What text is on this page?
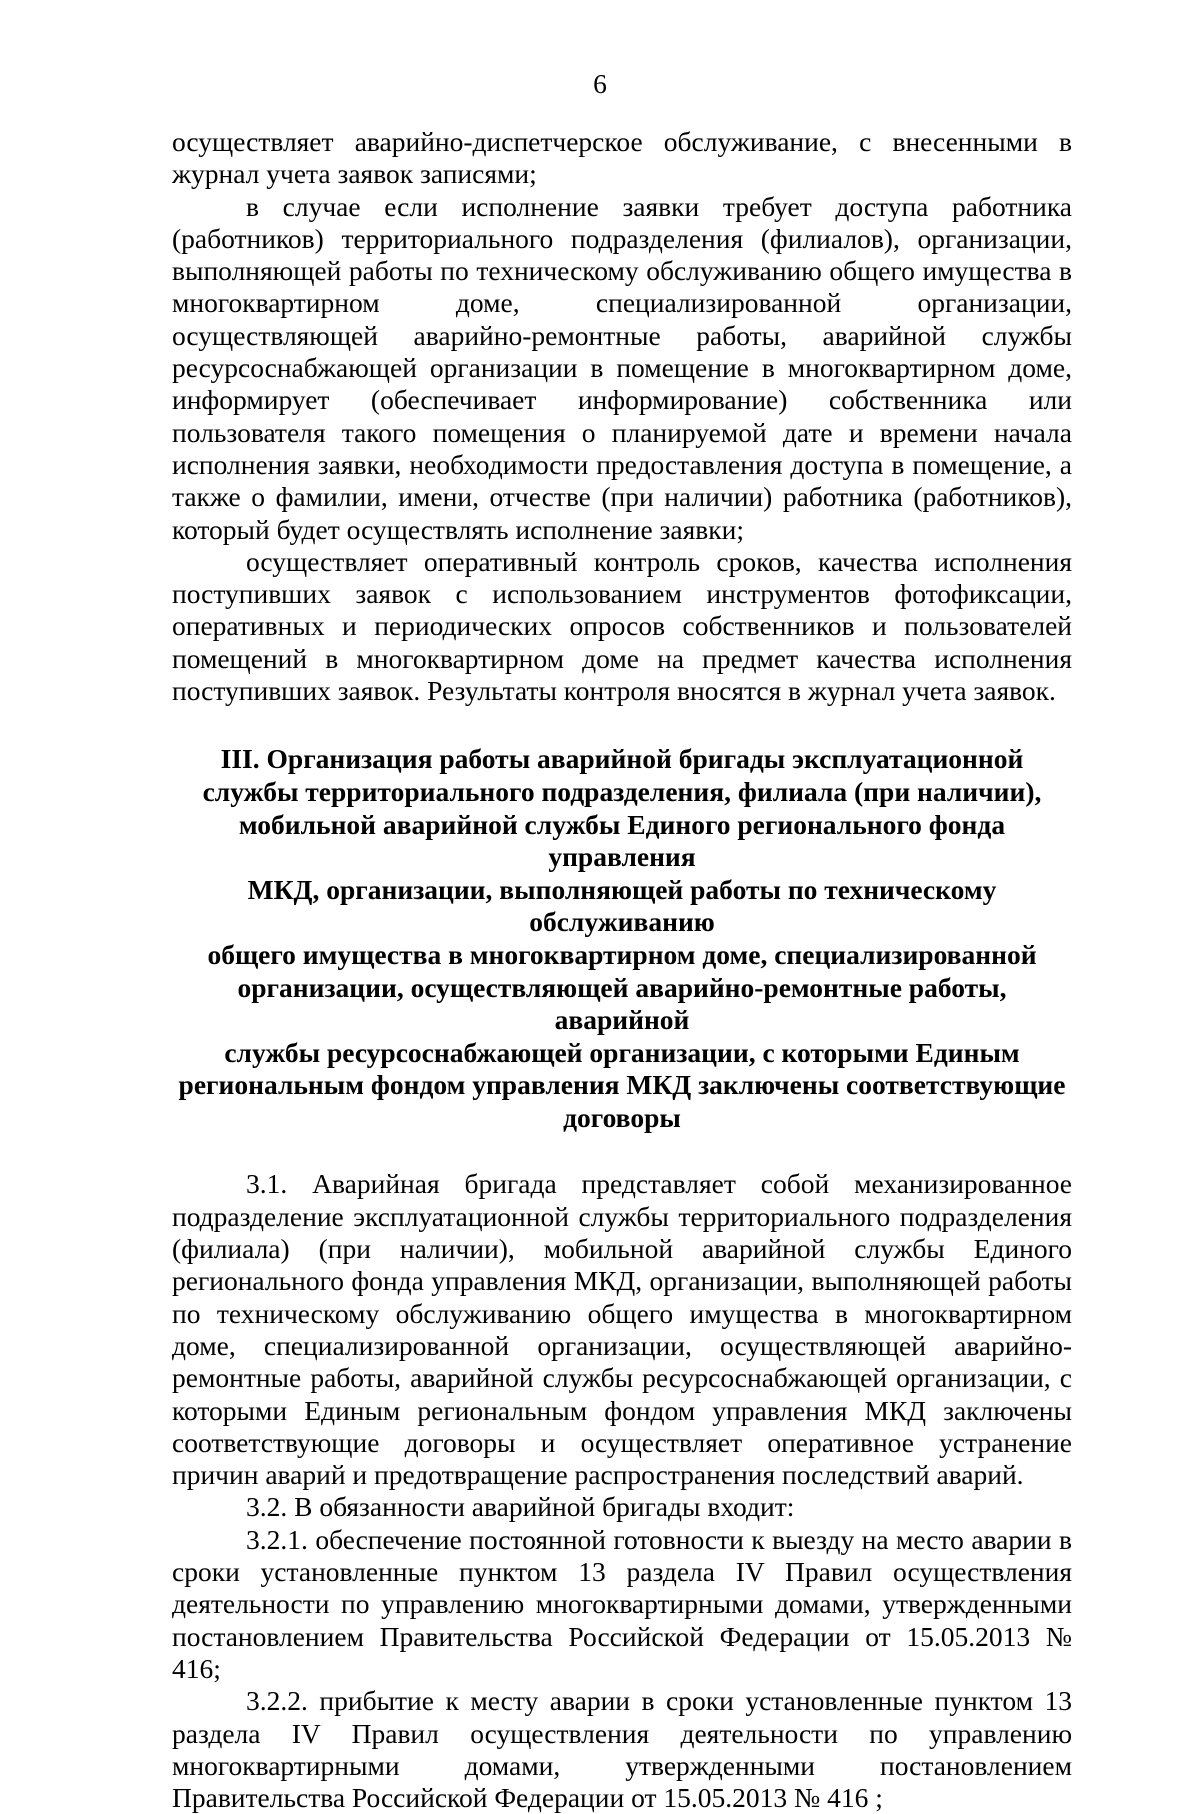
6

осуществляет аварийно-диспетчерское обслуживание, с внесенными в журнал учета заявок записями;

в случае если исполнение заявки требует доступа работника (работников) территориального подразделения (филиалов), организации, выполняющей работы по техническому обслуживанию общего имущества в многоквартирном доме, специализированной организации, осуществляющей аварийно-ремонтные работы, аварийной службы ресурсоснабжающей организации в помещение в многоквартирном доме, информирует (обеспечивает информирование) собственника или пользователя такого помещения о планируемой дате и времени начала исполнения заявки, необходимости предоставления доступа в помещение, а также о фамилии, имени, отчестве (при наличии) работника (работников), который будет осуществлять исполнение заявки;

осуществляет оперативный контроль сроков, качества исполнения поступивших заявок с использованием инструментов фотофиксации, оперативных и периодических опросов собственников и пользователей помещений в многоквартирном доме на предмет качества исполнения поступивших заявок. Результаты контроля вносятся в журнал учета заявок.

III. Организация работы аварийной бригады эксплуатационной
службы территориального подразделения, филиала (при наличии),
мобильной аварийной службы Единого регионального фонда управления
МКД, организации, выполняющей работы по техническому обслуживанию
общего имущества в многоквартирном доме, специализированной
организации, осуществляющей аварийно-ремонтные работы, аварийной
службы ресурсоснабжающей организации, с которыми Единым
региональным фондом управления МКД заключены соответствующие
договоры

3.1. Аварийная бригада представляет собой механизированное подразделение эксплуатационной службы территориального подразделения (филиала) (при наличии), мобильной аварийной службы Единого регионального фонда управления МКД, организации, выполняющей работы по техническому обслуживанию общего имущества в многоквартирном доме, специализированной организации, осуществляющей аварийно-ремонтные работы, аварийной службы ресурсоснабжающей организации, с которыми Единым региональным фондом управления МКД заключены соответствующие договоры и осуществляет оперативное устранение причин аварий и предотвращение распространения последствий аварий.

3.2. В обязанности аварийной бригады входит:

3.2.1. обеспечение постоянной готовности к выезду на место аварии в сроки установленные пунктом 13 раздела IV Правил осуществления деятельности по управлению многоквартирными домами, утвержденными постановлением Правительства Российской Федерации от 15.05.2013 № 416;

3.2.2. прибытие к месту аварии в сроки установленные пунктом 13 раздела IV Правил осуществления деятельности по управлению многоквартирными домами, утвержденными постановлением Правительства Российской Федерации от 15.05.2013 № 416 ;
